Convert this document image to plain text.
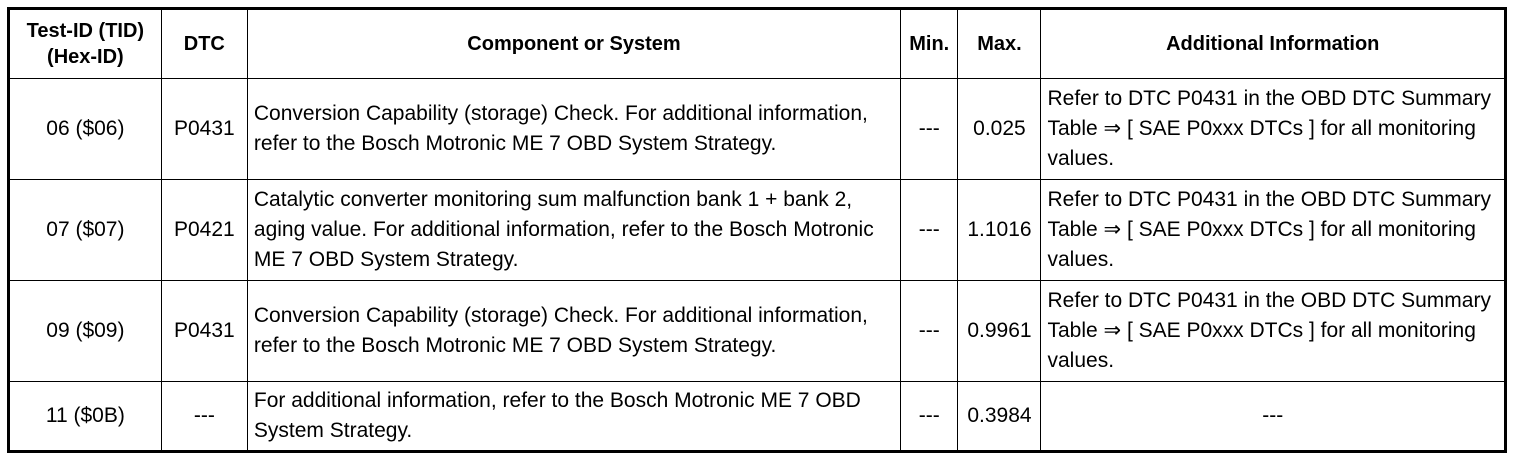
Test-ID (TID)
(Hex-ID)	DTC	Component or System	Min.	Max.	Additional Information
06 ($06)	P0431	Conversion Capability (storage) Check. For additional information, refer to the Bosch Motronic ME 7 OBD System Strategy.	---	0.025	Refer to DTC P0431 in the OBD DTC Summary Table ⇒ [ SAE P0xxx DTCs ] for all monitoring values.
07 ($07)	P0421	Catalytic converter monitoring sum malfunction bank 1 + bank 2, aging value. For additional information, refer to the Bosch Motronic ME 7 OBD System Strategy.	---	1.1016	Refer to DTC P0431 in the OBD DTC Summary Table ⇒ [ SAE P0xxx DTCs ] for all monitoring values.
09 ($09)	P0431	Conversion Capability (storage) Check. For additional information, refer to the Bosch Motronic ME 7 OBD System Strategy.	---	0.9961	Refer to DTC P0431 in the OBD DTC Summary Table ⇒ [ SAE P0xxx DTCs ] for all monitoring values.
11 ($0B)	---	For additional information, refer to the Bosch Motronic ME 7 OBD System Strategy.	---	0.3984	---
